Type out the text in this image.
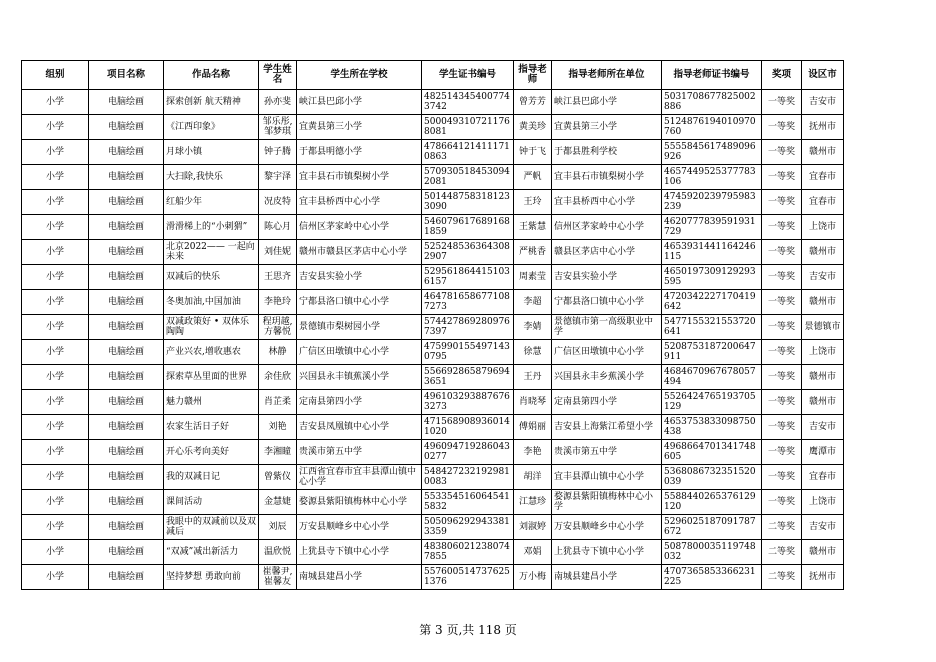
组别	项目名称	作品名称	学生姓名	学生所在学校	学生证书编号	指导老师	指导老师所在单位	指导老师证书编号	奖项	设区市
小学	电脑绘画	探索创新 航天精神	孙亦斐	峡江县巴邱小学	4825143454007743742	曾芳芳	峡江县巴邱小学	5031708677825002886	一等奖	吉安市
小学	电脑绘画	《江西印象》	邹乐彤,邹梦琪	宜黄县第三小学	5000493107211768081	黄美珍	宜黄县第三小学	5124876194010970760	一等奖	抚州市
小学	电脑绘画	月球小镇	钟子腾	于都县明德小学	4786641214111710863	钟于飞	于都县胜利学校	5555845617489096926	一等奖	赣州市
小学	电脑绘画	大扫除,我快乐	黎宇泽	宜丰县石市镇梨树小学	5709305184530942081	严帆	宜丰县石市镇梨树小学	4657449525377783106	一等奖	宜春市
小学	电脑绘画	红船少年	况皮特	宜丰县桥西中心小学	5014487583181233090	王玲	宜丰县桥西中心小学	4745920239795983239	一等奖	宜春市
小学	电脑绘画	滑滑梯上的“小刺猬”	陈心月	信州区茅家岭中心小学	5460796176891681859	王紫慧	信州区茅家岭中心小学	4620777839591931729	一等奖	上饶市
小学	电脑绘画	北京2022—— 一起向未来	刘佳妮	赣州市赣县区茅店中心小学	5252485363643082907	严桃香	赣县区茅店中心小学	4653931441164246115	一等奖	赣州市
小学	电脑绘画	双减后的快乐	王思齐	吉安县实验小学	5295618644151036157	周素莹	吉安县实验小学	4650197309129293595	一等奖	吉安市
小学	电脑绘画	冬奥加油,中国加油	李艳玲	宁都县洛口镇中心小学	4647816586771087273	李超	宁都县洛口镇中心小学	4720342227170419642	一等奖	赣州市
小学	电脑绘画	双减政策好 • 双体乐陶陶	程玥越,方馨悦	景德镇市梨树园小学	5744278692809767397	李婧	景德镇市第一高级职业中学	5477155321553720641	一等奖	景德镇市
小学	电脑绘画	产业兴农,增收惠农	林静	广信区田墩镇中心小学	4759901554971430795	徐慧	广信区田墩镇中心小学	5208753187200647911	一等奖	上饶市
小学	电脑绘画	探索草丛里面的世界	余佳欣	兴国县永丰镇蕉溪小学	5566928658796943651	王丹	兴国县永丰乡蕉溪小学	4684670967678057494	一等奖	赣州市
小学	电脑绘画	魅力赣州	肖芷柔	定南县第四小学	4961032938876763273	肖晓琴	定南县第四小学	5526424765193705129	一等奖	赣州市
小学	电脑绘画	农家生活日子好	刘艳	吉安县凤凰镇中心小学	4715689089360141020	傅娟丽	吉安县上海紫江希望小学	4653753833098750438	一等奖	吉安市
小学	电脑绘画	开心乐考向美好	李湘瞳	贵溪市第五中学	4960947192860430277	李艳	贵溪市第五中学	4968664701341748605	一等奖	鹰潭市
小学	电脑绘画	我的双减日记	曾紫仪	江西省宜春市宜丰县潭山镇中心小学	5484272321929810083	胡洋	宜丰县潭山镇中心小学	5368086732351520039	一等奖	宜春市
小学	电脑绘画	课间活动	金慧婕	婺源县紫阳镇梅林中心小学	5533545160645415832	江慧珍	婺源县紫阳镇梅林中心小学	5588440265376129120	一等奖	上饶市
小学	电脑绘画	我眼中的双减前以及双减后	刘辰	万安县顺峰乡中心小学	5050962929433813359	刘淑婷	万安县顺峰乡中心小学	5296025187091787672	二等奖	吉安市
小学	电脑绘画	“双减”减出新活力	温欣悦	上犹县寺下镇中心小学	4838060212380747855	邓娟	上犹县寺下镇中心小学	5087800035119748032	二等奖	赣州市
小学	电脑绘画	坚持梦想 勇敢向前	崔馨尹,崔馨友	南城县建昌小学	5576005147376251376	万小梅	南城县建昌小学	4707365853366231225	二等奖	抚州市
第 3 页,共 118 页
